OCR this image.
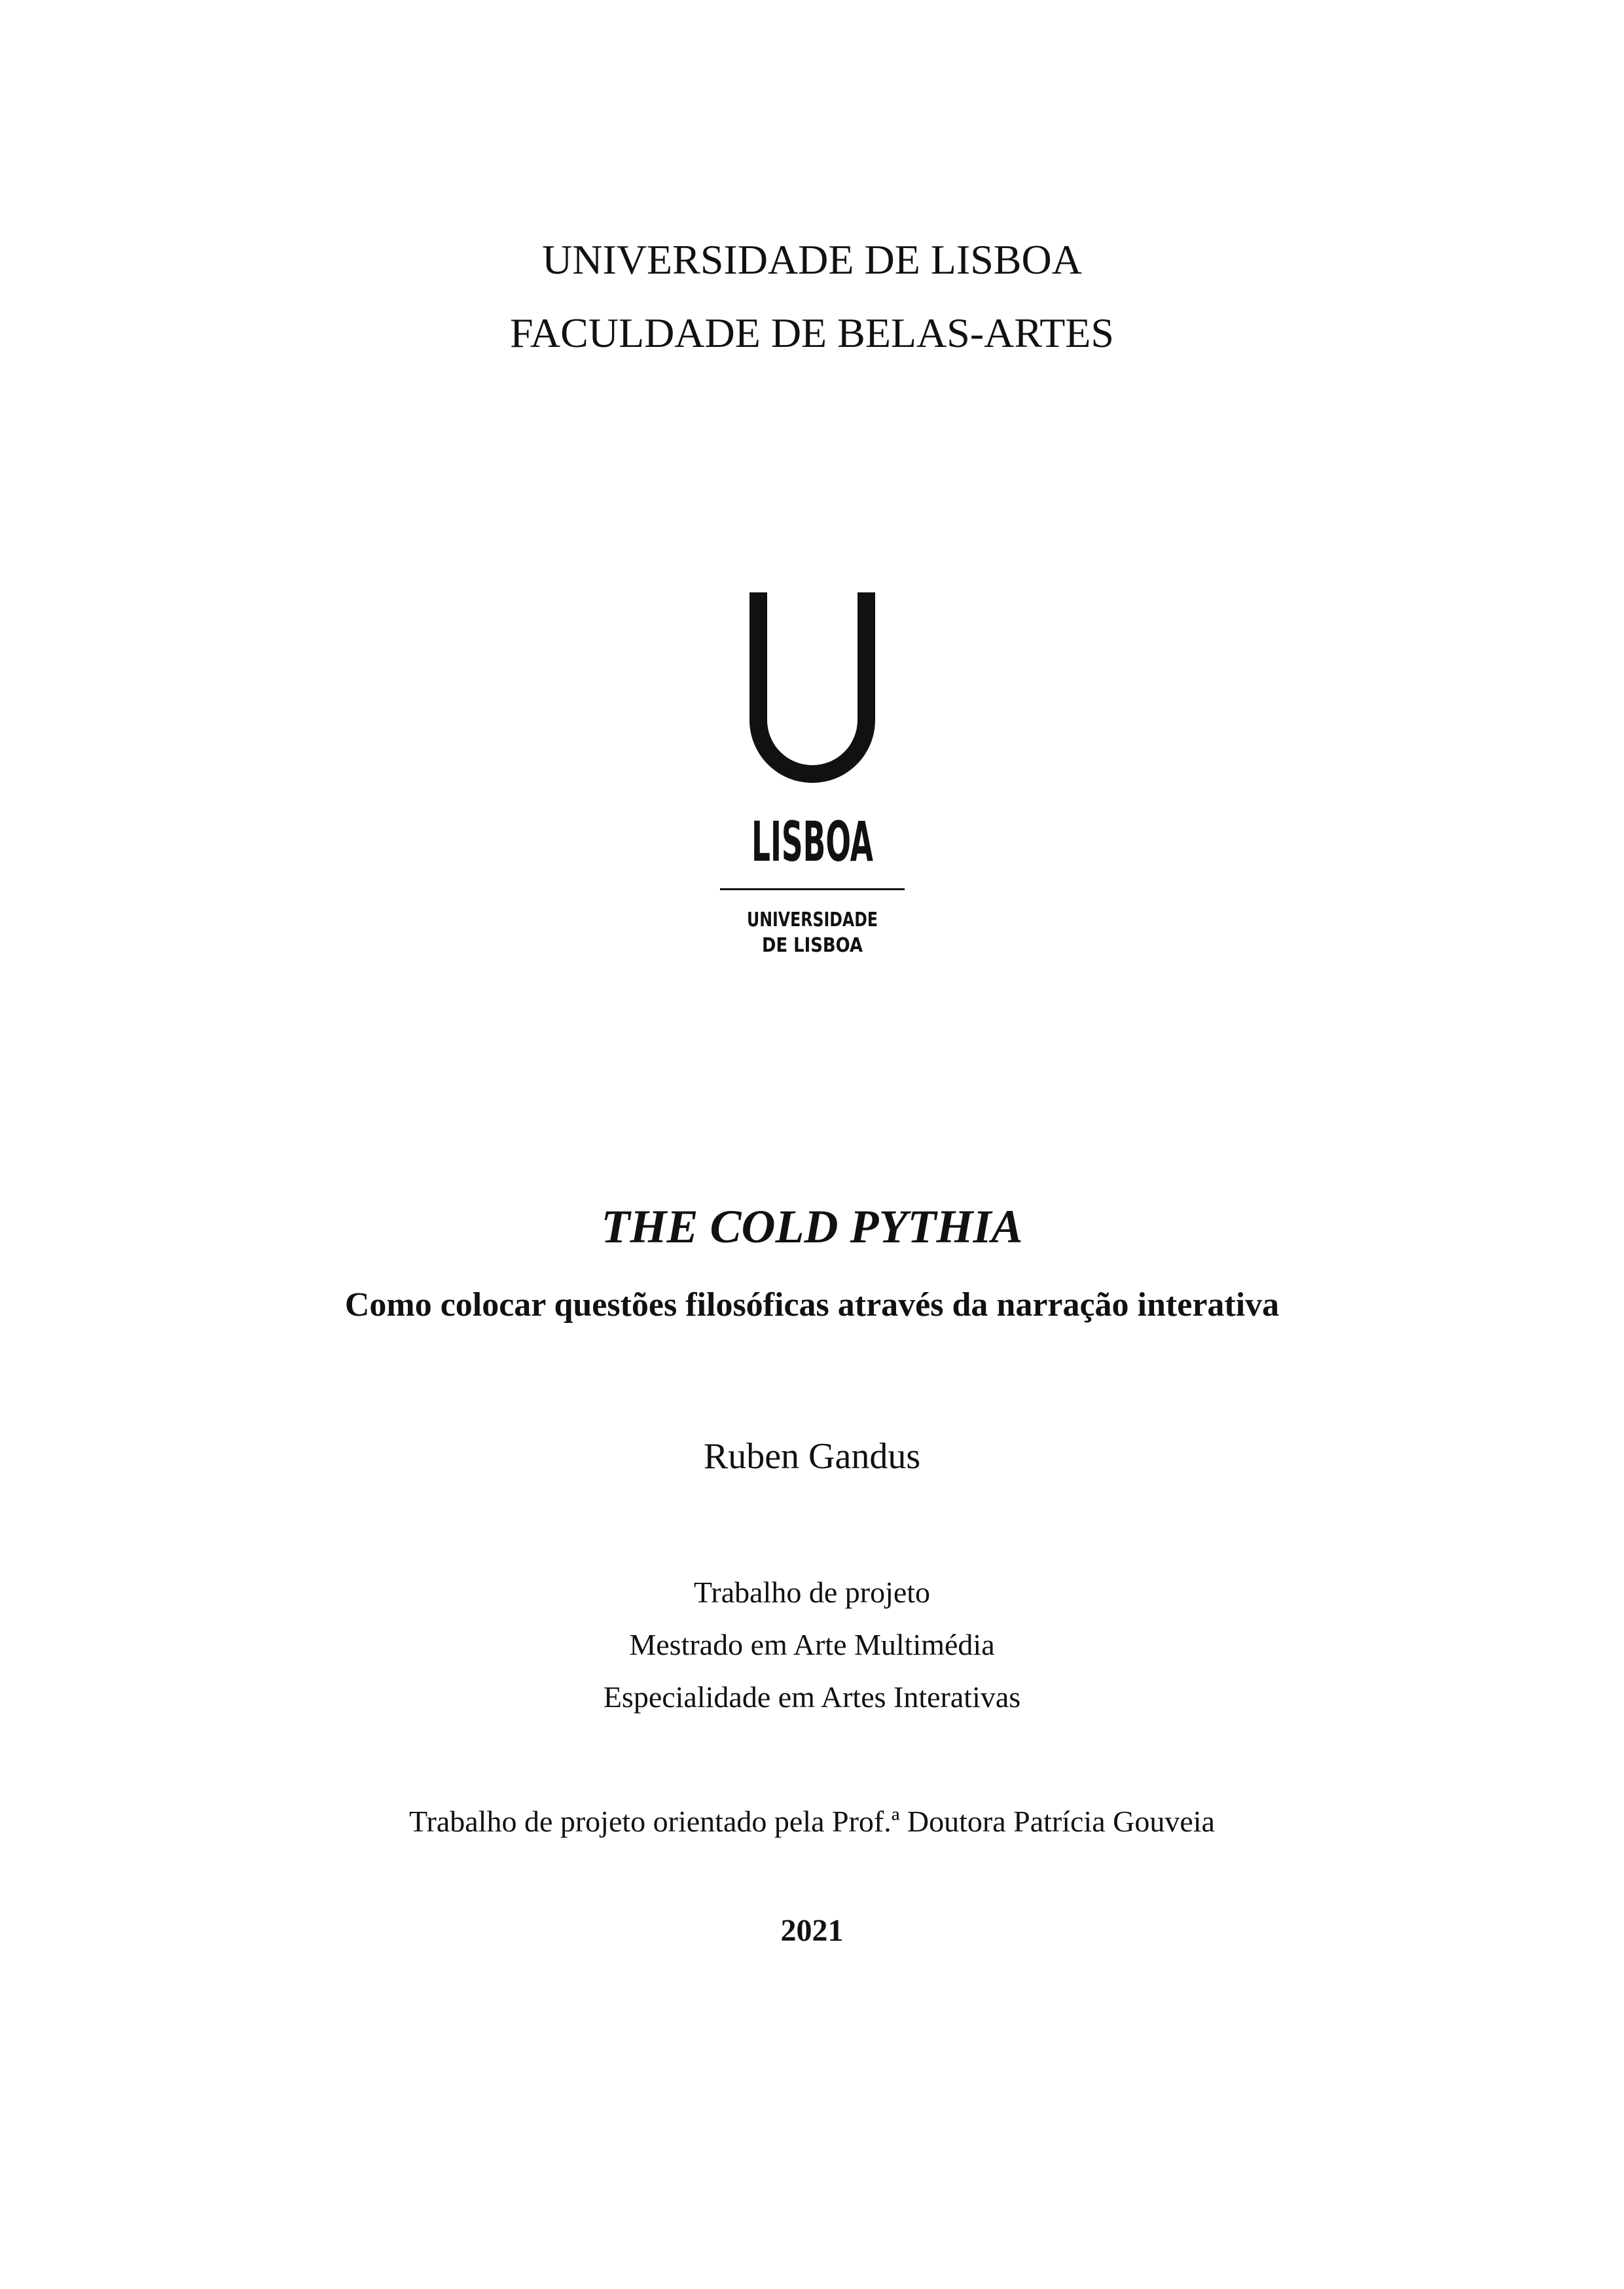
UNIVERSIDADE DE LISBOA
FACULDADE DE BELAS-ARTES
LISBOA
UNIVERSIDADE
DE LISBOA
THE COLD PYTHIA
Como colocar questões filosóficas através da narração interativa
Ruben Gandus
Trabalho de projeto
Mestrado em Arte Multimédia
Especialidade em Artes Interativas
Trabalho de projeto orientado pela Prof.ª Doutora Patrícia Gouveia
2021
